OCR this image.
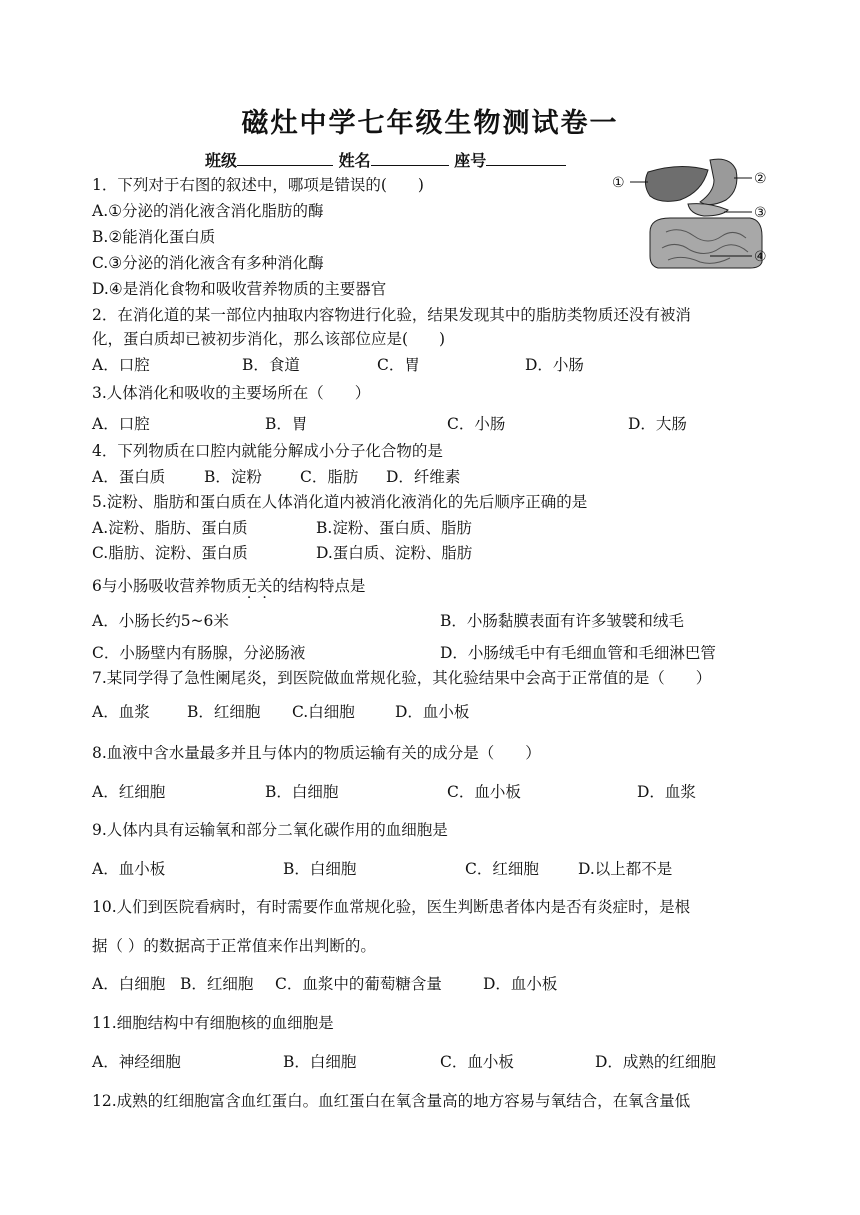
磁灶中学七年级生物测试卷一
班级	姓名	座号
①	②
③
④
1．下列对于右图的叙述中，哪项是错误的(　　)
A.①分泌的消化液含消化脂肪的酶
B.②能消化蛋白质
C.③分泌的消化液含有多种消化酶
D.④是消化食物和吸收营养物质的主要器官
2．在消化道的某一部位内抽取内容物进行化验，结果发现其中的脂肪类物质还没有被消
化，蛋白质却已被初步消化，那么该部位应是(　　)
A．口腔	B．食道	C．胃	D．小肠
3.人体消化和吸收的主要场所在（　　）
A．口腔	B．胃	C．小肠	D．大肠
4．下列物质在口腔内就能分解成小分子化合物的是
A．蛋白质	B．淀粉 C．脂肪 D．纤维素
5.淀粉、脂肪和蛋白质在人体消化道内被消化液消化的先后顺序正确的是
A.淀粉、脂肪、蛋白质	B.淀粉、蛋白质、脂肪
C.脂肪、淀粉、蛋白质	D.蛋白质、淀粉、脂肪
6与小肠吸收营养物质无关的结构特点是
A．小肠长约5~6米	B．小肠黏膜表面有许多皱襞和绒毛
C．小肠壁内有肠腺，分泌肠液	D．小肠绒毛中有毛细血管和毛细淋巴管
7.某同学得了急性阑尾炎，到医院做血常规化验，其化验结果中会高于正常值的是（　　）
A．血浆 B．红细胞 C.白细胞	D．血小板
8.血液中含水量最多并且与体内的物质运输有关的成分是（　　）
A．红细胞	B．白细胞	C．血小板	D．血浆
9.人体内具有运输氧和部分二氧化碳作用的血细胞是
A．血小板	B．白细胞	C．红细胞	D.以上都不是
10.人们到医院看病时，有时需要作血常规化验，医生判断患者体内是否有炎症时，是根
据（ ）的数据高于正常值来作出判断的。
A．白细胞 B．红细胞 C．血浆中的葡萄糖含量	D．血小板
11.细胞结构中有细胞核的血细胞是
A．神经细胞	B．白细胞	C．血小板	D．成熟的红细胞
12.成熟的红细胞富含血红蛋白。血红蛋白在氧含量高的地方容易与氧结合，在氧含量低
